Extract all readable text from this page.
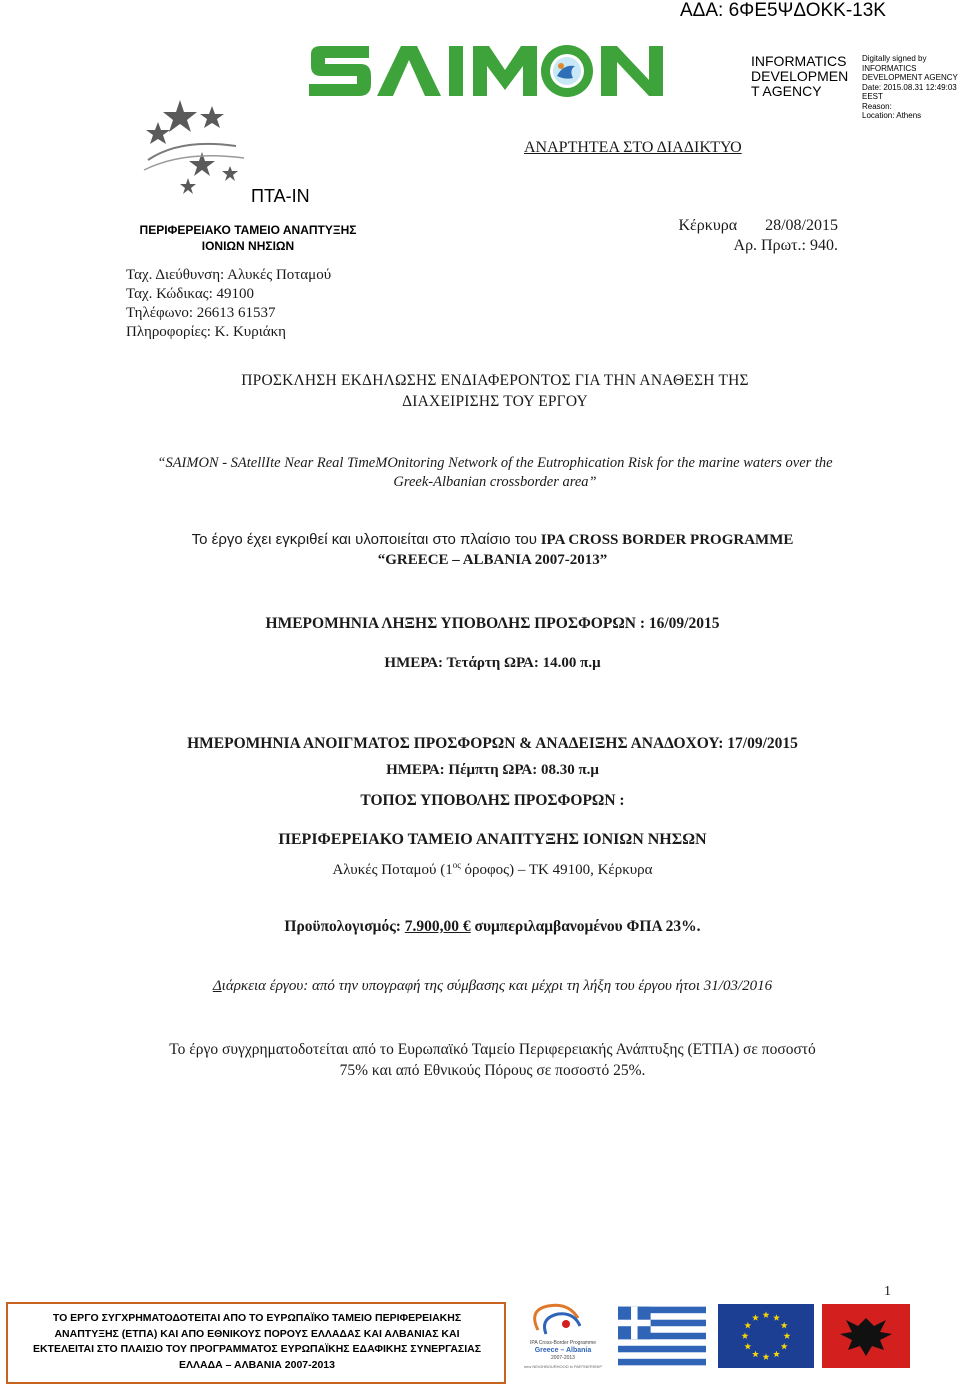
ΑΔΑ: 6ΦΕ5ΨΔΟΚΚ-13Κ
INFORMATICS
DEVELOPMEN
T AGENCY
Digitally signed by
INFORMATICS
DEVELOPMENT AGENCY
Date: 2015.08.31 12:49:03
EEST
Reason:
Location: Athens
ΠΤΑ-ΙΝ
ΠΕΡΙΦΕΡΕΙΑΚΟ ΤΑΜΕΙΟ ΑΝΑΠΤΥΞΗΣ
ΙΟΝΙΩΝ ΝΗΣΙΩΝ
ΑΝΑΡΤΗΤΕΑ ΣΤΟ ΔΙΑΔΙΚΤΥΟ
Κέρκυρα 28/08/2015
Αρ. Πρωτ.: 940.
Ταχ. Διεύθυνση: Αλυκές Ποταμού
Ταχ. Κώδικας: 49100
Τηλέφωνο: 26613 61537
Πληροφορίες: Κ. Κυριάκη
ΠΡΟΣΚΛΗΣΗ ΕΚΔΗΛΩΣΗΣ ΕΝΔΙΑΦΕΡΟΝΤΟΣ ΓΙΑ ΤΗΝ ΑΝΑΘΕΣΗ ΤΗΣ
ΔΙΑΧΕΙΡΙΣΗΣ ΤΟΥ ΕΡΓΟΥ
“SAIMON - SAtellIte Near Real TimeMOnitoring Network of the Eutrophication Risk for the marine waters over the
Greek-Albanian crossborder area”
Το έργο έχει εγκριθεί και υλοποιείται στο πλαίσιο του IPA CROSS BORDER PROGRAMME
“GREECE – ALBANIA 2007-2013”
ΗΜΕΡΟΜΗΝΙΑ ΛΗΞΗΣ ΥΠΟΒΟΛΗΣ ΠΡΟΣΦΟΡΩΝ : 16/09/2015
ΗΜΕΡΑ: Τετάρτη ΩΡΑ: 14.00 π.μ
ΗΜΕΡΟΜΗΝΙΑ ΑΝΟΙΓΜΑΤΟΣ ΠΡΟΣΦΟΡΩΝ & ΑΝΑΔΕΙΞΗΣ ΑΝΑΔΟΧΟΥ: 17/09/2015
ΗΜΕΡΑ: Πέμπτη ΩΡΑ: 08.30 π.μ
ΤΟΠΟΣ ΥΠΟΒΟΛΗΣ ΠΡΟΣΦΟΡΩΝ :
ΠΕΡΙΦΕΡΕΙΑΚΟ ΤΑΜΕΙΟ ΑΝΑΠΤΥΞΗΣ ΙΟΝΙΩΝ ΝΗΣΩΝ
Αλυκές Ποταμού ($1^{o\varsigma}$ όροφος) – ΤΚ 49100, Κέρκυρα
Προϋπολογισμός: 7.900,00 € συμπεριλαμβανομένου ΦΠΑ 23%.
Διάρκεια έργου: από την υπογραφή της σύμβασης και μέχρι τη λήξη του έργου ήτοι 31/03/2016
Το έργο συγχρηματοδοτείται από το Ευρωπαϊκό Ταμείο Περιφερειακής Ανάπτυξης (ΕΤΠΑ) σε ποσοστό
75% και από Εθνικούς Πόρους σε ποσοστό 25%.
1
ΤΟ ΕΡΓΟ ΣΥΓΧΡΗΜΑΤΟΔΟΤΕΙΤΑΙ ΑΠΟ ΤΟ ΕΥΡΩΠΑΪΚΟ ΤΑΜΕΙΟ ΠΕΡΙΦΕΡΕΙΑΚΗΣ
ΑΝΑΠΤΥΞΗΣ (ΕΤΠΑ) ΚΑΙ ΑΠΟ ΕΘΝΙΚΟΥΣ ΠΟΡΟΥΣ ΕΛΛΑΔΑΣ ΚΑΙ ΑΛΒΑΝΙΑΣ ΚΑΙ
ΕΚΤΕΛΕΙΤΑΙ ΣΤΟ ΠΛΑΙΣΙΟ ΤΟΥ ΠΡΟΓΡΑΜΜΑΤΟΣ ΕΥΡΩΠΑΪΚΗΣ ΕΔΑΦΙΚΗΣ ΣΥΝΕΡΓΑΣΙΑΣ
ΕΛΛΑΔΑ – ΑΛΒΑΝΙΑ 2007-2013
IPA Cross-Border Programme
Greece – Albania
2007-2013
new NEIGHBOURHOOD in PARTNERSHIP
